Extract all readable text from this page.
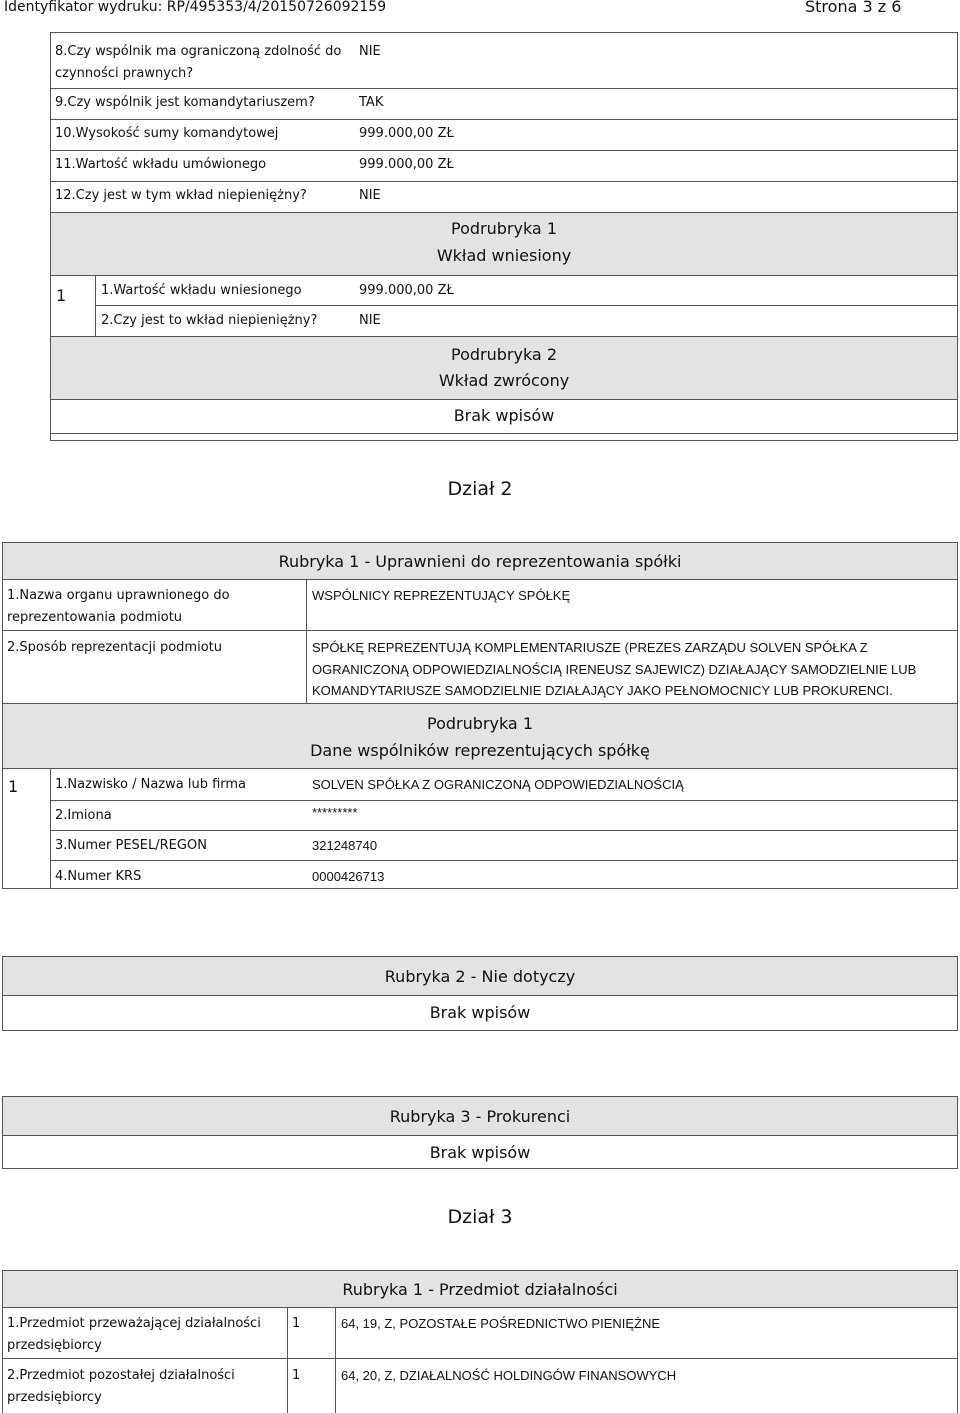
Identyfikator wydruku: RP/495353/4/20150726092159	Strona 3 z 6
8.Czy wspólnik ma ograniczoną zdolność do
czynności prawnych?
NIE
9.Czy wspólnik jest komandytariuszem?	TAK
10.Wysokość sumy komandytowej	999.000,00 ZŁ
11.Wartość wkładu umówionego	999.000,00 ZŁ
12.Czy jest w tym wkład niepieniężny?	NIE
Podrubryka 1
Wkład wniesiony
1	1.Wartość wkładu wniesionego	999.000,00 ZŁ
2.Czy jest to wkład niepieniężny?	NIE
Podrubryka 2
Wkład zwrócony
Brak wpisów
Dział 2
Rubryka 1 - Uprawnieni do reprezentowania spółki
1.Nazwa organu uprawnionego do
reprezentowania podmiotu
WSPÓLNICY REPREZENTUJĄCY SPÓŁKĘ
2.Sposób reprezentacji podmiotu	SPÓŁKĘ REPREZENTUJĄ KOMPLEMENTARIUSZE (PREZES ZARZĄDU SOLVEN SPÓŁKA Z
OGRANICZONĄ ODPOWIEDZIALNOŚCIĄ IRENEUSZ SAJEWICZ) DZIAŁAJĄCY SAMODZIELNIE LUB
KOMANDYTARIUSZE SAMODZIELNIE DZIAŁAJĄCY JAKO PEŁNOMOCNICY LUB PROKURENCI.
Podrubryka 1
Dane wspólników reprezentujących spółkę
1	1.Nazwisko / Nazwa lub firma	SOLVEN SPÓŁKA Z OGRANICZONĄ ODPOWIEDZIALNOŚCIĄ
2.Imiona	*********
3.Numer PESEL/REGON	321248740
4.Numer KRS	0000426713
Rubryka 2 - Nie dotyczy
Brak wpisów
Rubryka 3 - Prokurenci
Brak wpisów
Dział 3
Rubryka 1 - Przedmiot działalności
1.Przedmiot przeważającej działalności
przedsiębiorcy
1	64, 19, Z, POZOSTAŁE POŚREDNICTWO PIENIĘŻNE
2.Przedmiot pozostałej działalności
przedsiębiorcy
1	64, 20, Z, DZIAŁALNOŚĆ HOLDINGÓW FINANSOWYCH
